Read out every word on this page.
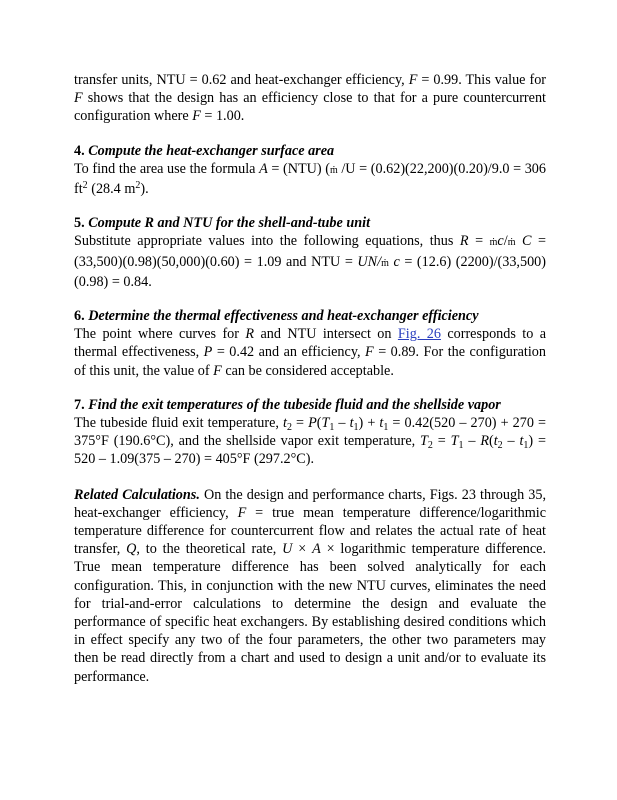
transfer units, NTU = 0.62 and heat-exchanger efficiency, F = 0.99. This value for F shows that the design has an efficiency close to that for a pure countercurrent configuration where F = 1.00.

4. Compute the heat-exchanger surface area

To find the area use the formula A = (NTU) (ṁ /U = (0.62)(22,200)(0.20)/9.0 = 306 $ft^2$ (28.4 $m^2$).

5. Compute R and NTU for the shell-and-tube unit

Substitute appropriate values into the following equations, thus R = ṁc/ṁ C = (33,500)(0.98)(50,000)(0.60) = 1.09 and NTU = UN/ṁ c = (12.6) (2200)/(33,500)(0.98) = 0.84.

6. Determine the thermal effectiveness and heat-exchanger efficiency

The point where curves for R and NTU intersect on Fig. 26 corresponds to a thermal effectiveness, P = 0.42 and an efficiency, F = 0.89. For the configuration of this unit, the value of F can be considered acceptable.

7. Find the exit temperatures of the tubeside fluid and the shellside vapor

The tubeside fluid exit temperature, $t_2 = P(T_1 - t_1) + t_1 = 0.42(520 - 270) + 270 = 375^\circ F$ (190.6°C), and the shellside vapor exit temperature, $T_2 = T_1 - R(t_2 - t_1) = 520 - 1.09(375 - 270) = 405^\circ F$ (297.2°C).

Related Calculations. On the design and performance charts, Figs. 23 through 35, heat-exchanger efficiency, F = true mean temperature difference/logarithmic temperature difference for countercurrent flow and relates the actual rate of heat transfer, Q, to the theoretical rate, U × A × logarithmic temperature difference. True mean temperature difference has been solved analytically for each configuration. This, in conjunction with the new NTU curves, eliminates the need for trial-and-error calculations to determine the design and evaluate the performance of specific heat exchangers. By establishing desired conditions which in effect specify any two of the four parameters, the other two parameters may then be read directly from a chart and used to design a unit and/or to evaluate its performance.
